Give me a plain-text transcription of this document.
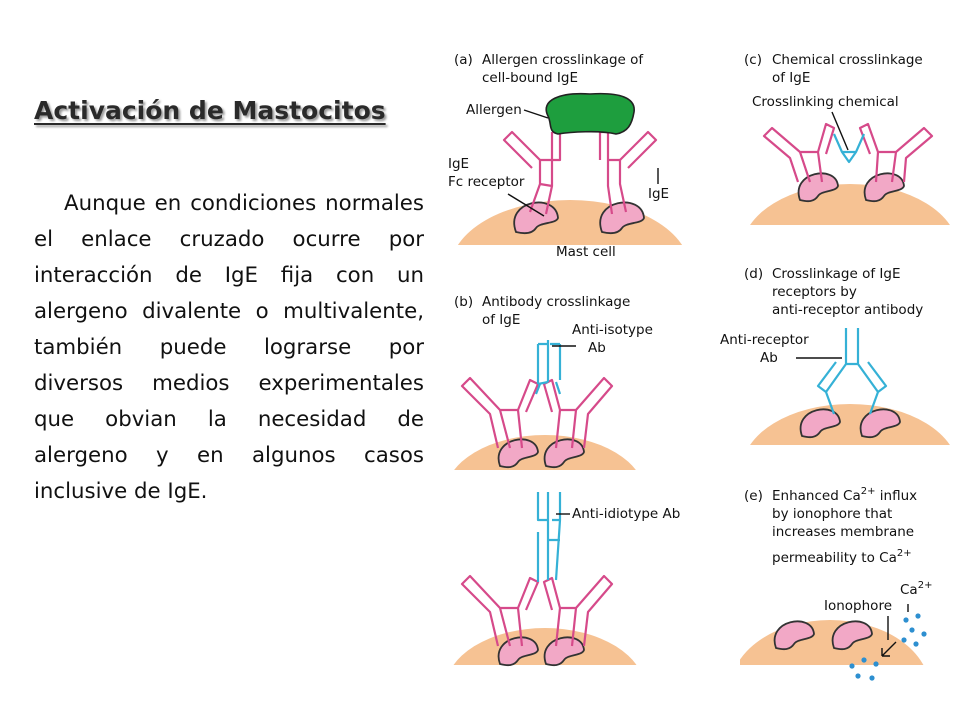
Activación de Mastocitos

Aunque en condiciones normales el enlace cruzado ocurre por interacción de IgE fija con un alergeno divalente o multivalente, también puede lograrse por diversos medios experimentales que obvian la necesidad de alergeno y en algunos casos inclusive de IgE.

(a) Allergen crosslinkage of
cell-bound IgE
Allergen
IgE
Fc receptor
IgE
Mast cell
(b) Antibody crosslinkage
of IgE
Anti-isotype
Ab
Anti-idiotype Ab
(c) Chemical crosslinkage
of IgE
Crosslinking chemical
(d) Crosslinkage of IgE
receptors by
anti-receptor antibody
Anti-receptor
Ab
(e) Enhanced $Ca^{2+}$ influx
by ionophore that
increases membrane
permeability to $Ca^{2+}$
$Ca^{2+}$
Ionophore
